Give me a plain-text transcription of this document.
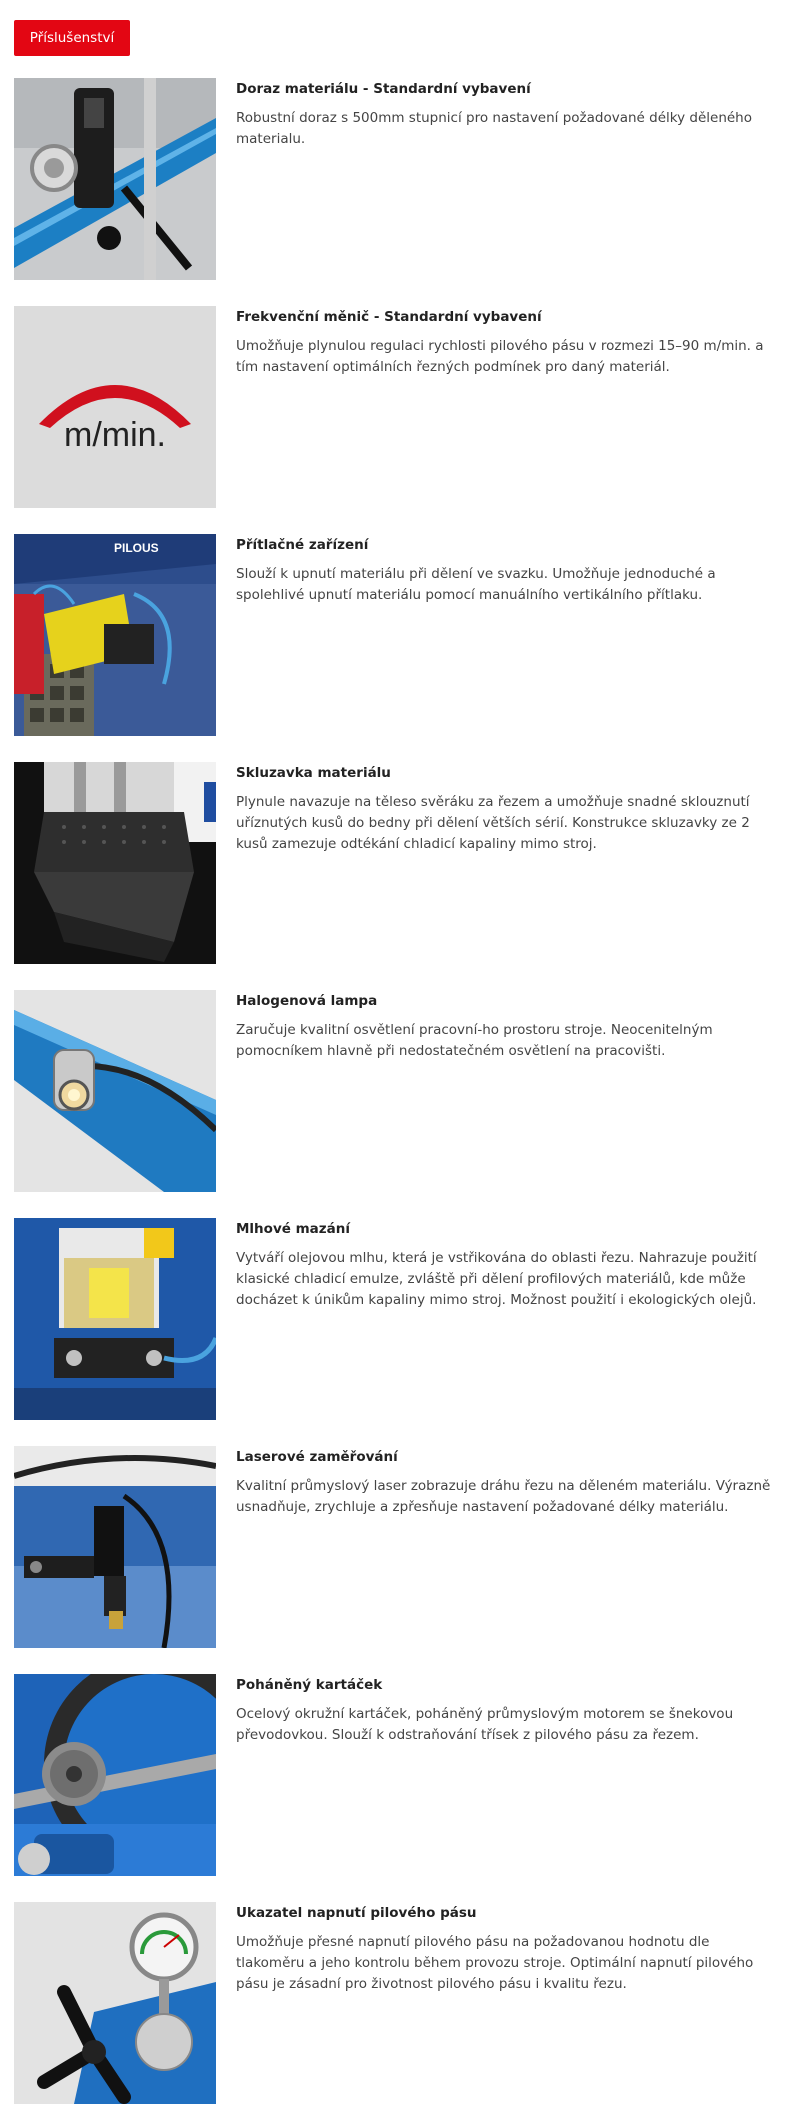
Příslušenství

Doraz materiálu - Standardní vybavení

Robustní doraz s 500mm stupnicí pro nastavení požadované délky děleného materialu.

m/min.

Frekvenční měnič - Standardní vybavení

Umožňuje plynulou regulaci rychlosti pilového pásu v rozmezi 15–90 m/min. a tím nastavení optimálních řezných podmínek pro daný materiál.

PILOUS	Přítlačné zařízení

Slouží k upnutí materiálu při dělení ve svazku. Umožňuje jednoduché a spolehlivé upnutí materiálu pomocí manuálního vertikálního přítlaku.

Skluzavka materiálu

Plynule navazuje na těleso svěráku za řezem a umožňuje snadné sklouznutí uříznutých kusů do bedny při dělení větších sérií. Konstrukce skluzavky ze 2 kusů zamezuje odtékání chladicí kapaliny mimo stroj.

Halogenová lampa

Zaručuje kvalitní osvětlení pracovní-ho prostoru stroje. Neocenitelným pomocníkem hlavně při nedostatečném osvětlení na pracovišti.

Mlhové mazání

Vytváří olejovou mlhu, která je vstřikována do oblasti řezu. Nahrazuje použití klasické chladicí emulze, zvláště při dělení profilových materiálů, kde může docházet k únikům kapaliny mimo stroj. Možnost použití i ekologických olejů.

Laserové zaměřování

Kvalitní průmyslový laser zobrazuje dráhu řezu na děleném materiálu. Výrazně usnadňuje, zrychluje a zpřesňuje nastavení požadované délky materiálu.

Poháněný kartáček

Ocelový okružní kartáček, poháněný průmyslovým motorem se šnekovou převodovkou. Slouží k odstraňování třísek z pilového pásu za řezem.

Ukazatel napnutí pilového pásu

Umožňuje přesné napnutí pilového pásu na požadovanou hodnotu dle tlakoměru a jeho kontrolu během provozu stroje. Optimální napnutí pilového pásu je zásadní pro životnost pilového pásu i kvalitu řezu.
